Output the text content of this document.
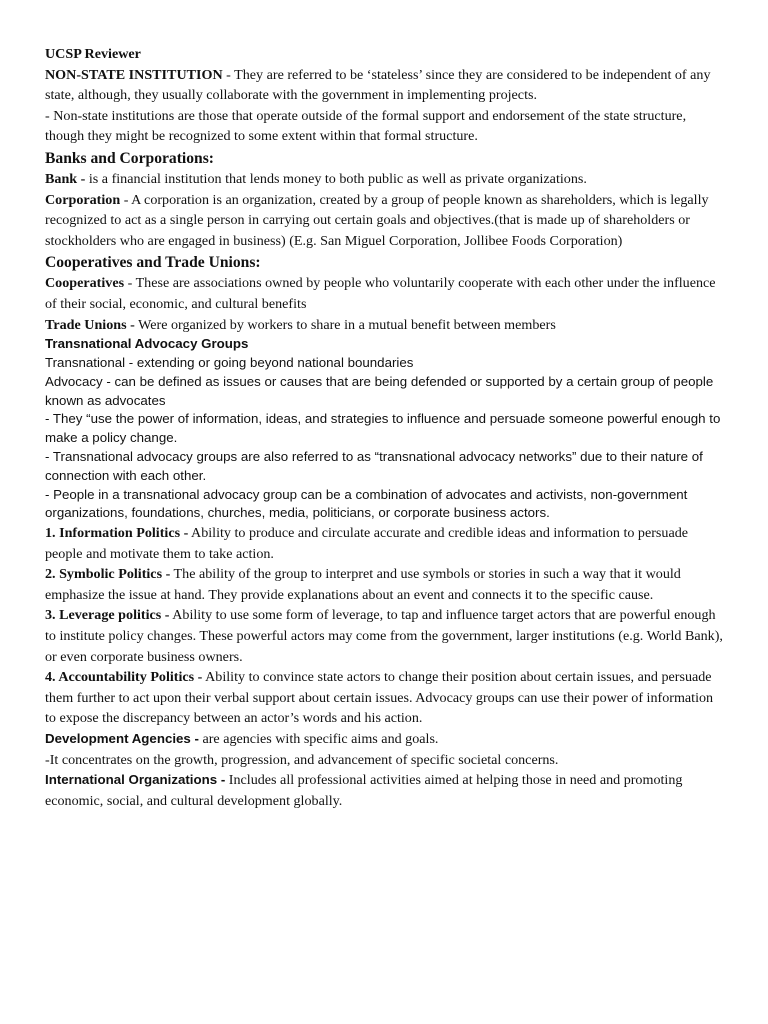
UCSP Reviewer

NON-STATE INSTITUTION - They are referred to be ‘stateless’ since they are considered to be independent of any state, although, they usually collaborate with the government in implementing projects.

- Non-state institutions are those that operate outside of the formal support and endorsement of the state structure, though they might be recognized to some extent within that formal structure.

Banks and Corporations:

Bank - is a financial institution that lends money to both public as well as private organizations.

Corporation - A corporation is an organization, created by a group of people known as shareholders, which is legally recognized to act as a single person in carrying out certain goals and objectives.(that is made up of shareholders or stockholders who are engaged in business) (E.g. San Miguel Corporation, Jollibee Foods Corporation)

Cooperatives and Trade Unions:

Cooperatives - These are associations owned by people who voluntarily cooperate with each other under the influence of their social, economic, and cultural benefits

Trade Unions - Were organized by workers to share in a mutual benefit between members

Transnational Advocacy Groups

Transnational - extending or going beyond national boundaries

Advocacy - can be defined as issues or causes that are being defended or supported by a certain group of people known as advocates

- They “use the power of information, ideas, and strategies to influence and persuade someone powerful enough to make a policy change.

- Transnational advocacy groups are also referred to as “transnational advocacy networks” due to their nature of connection with each other.

- People in a transnational advocacy group can be a combination of advocates and activists, non-government organizations, foundations, churches, media, politicians, or corporate business actors.

1. Information Politics - Ability to produce and circulate accurate and credible ideas and information to persuade people and motivate them to take action.

2. Symbolic Politics - The ability of the group to interpret and use symbols or stories in such a way that it would emphasize the issue at hand. They provide explanations about an event and connects it to the specific cause.

3. Leverage politics - Ability to use some form of leverage, to tap and influence target actors that are powerful enough to institute policy changes. These powerful actors may come from the government, larger institutions (e.g. World Bank), or even corporate business owners.

4. Accountability Politics - Ability to convince state actors to change their position about certain issues, and persuade them further to act upon their verbal support about certain issues. Advocacy groups can use their power of information to expose the discrepancy between an actor’s words and his action.

Development Agencies - are agencies with specific aims and goals.

-It concentrates on the growth, progression, and advancement of specific societal concerns.

International Organizations - Includes all professional activities aimed at helping those in need and promoting economic, social, and cultural development globally.
